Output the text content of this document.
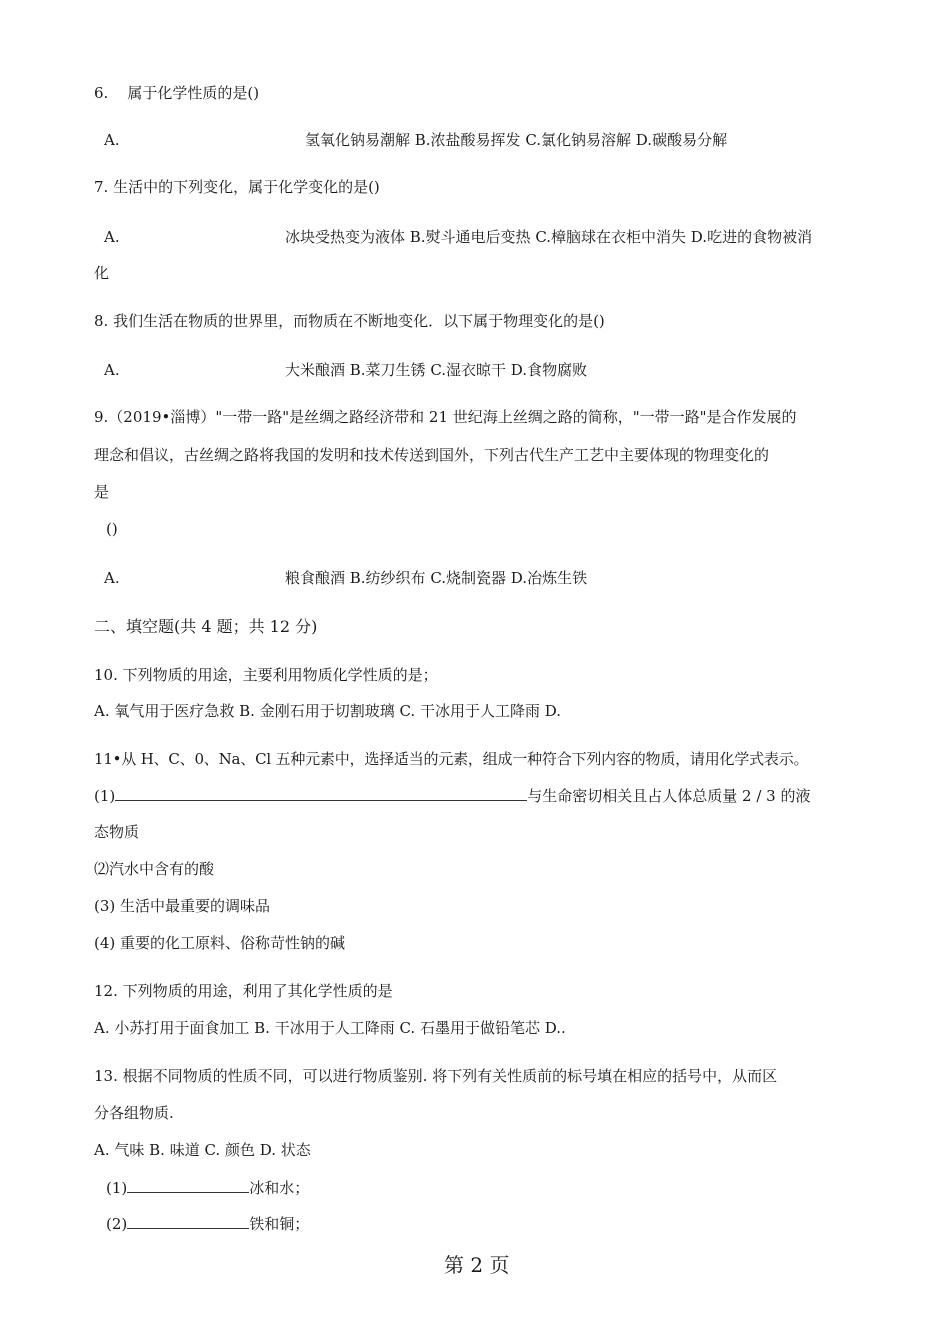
6.    属于化学性质的是()
A.	氢氧化钠易潮解 B.浓盐酸易挥发 C.氯化钠易溶解 D.碳酸易分解
7. 生活中的下列变化，属于化学变化的是()
A.	冰块受热变为液体 B.熨斗通电后变热 C.樟脑球在衣柜中消失 D.吃进的食物被消
化
8. 我们生活在物质的世界里，而物质在不断地变化．以下属于物理变化的是()
A.	大米酿酒 B.菜刀生锈 C.湿衣晾干 D.食物腐败
9.（2019•淄博）"一带一路"是丝绸之路经济带和 21 世纪海上丝绸之路的简称，"一带一路"是合作发展的
理念和倡议，古丝绸之路将我国的发明和技术传送到国外，下列古代生产工艺中主要体现的物理变化的
是
()
A.	粮食酿酒 B.纺纱织布 C.烧制瓷器 D.冶炼生铁
二、填空题(共 4 题；共 12 分)
10. 下列物质的用途，主要利用物质化学性质的是；
A. 氧气用于医疗急救 B. 金刚石用于切割玻璃 C. 干冰用于人工降雨 D.
11•从 H、C、0、Na、Cl 五种元素中，选择适当的元素，组成一种符合下列内容的物质，请用化学式表示。
(1)	与生命密切相关且占人体总质量 2 / 3 的液
态物质
⑵汽水中含有的酸
(3) 生活中最重要的调味品
(4) 重要的化工原料、俗称苛性钠的碱
12. 下列物质的用途，利用了其化学性质的是
A. 小苏打用于面食加工 B. 干冰用于人工降雨 C. 石墨用于做铅笔芯 D..
13. 根据不同物质的性质不同，可以进行物质鉴别. 将下列有关性质前的标号填在相应的括号中，从而区
分各组物质.
A. 气味 B. 味道 C. 颜色 D. 状态
(1)	冰和水；
(2)	铁和铜；
第 2 页
